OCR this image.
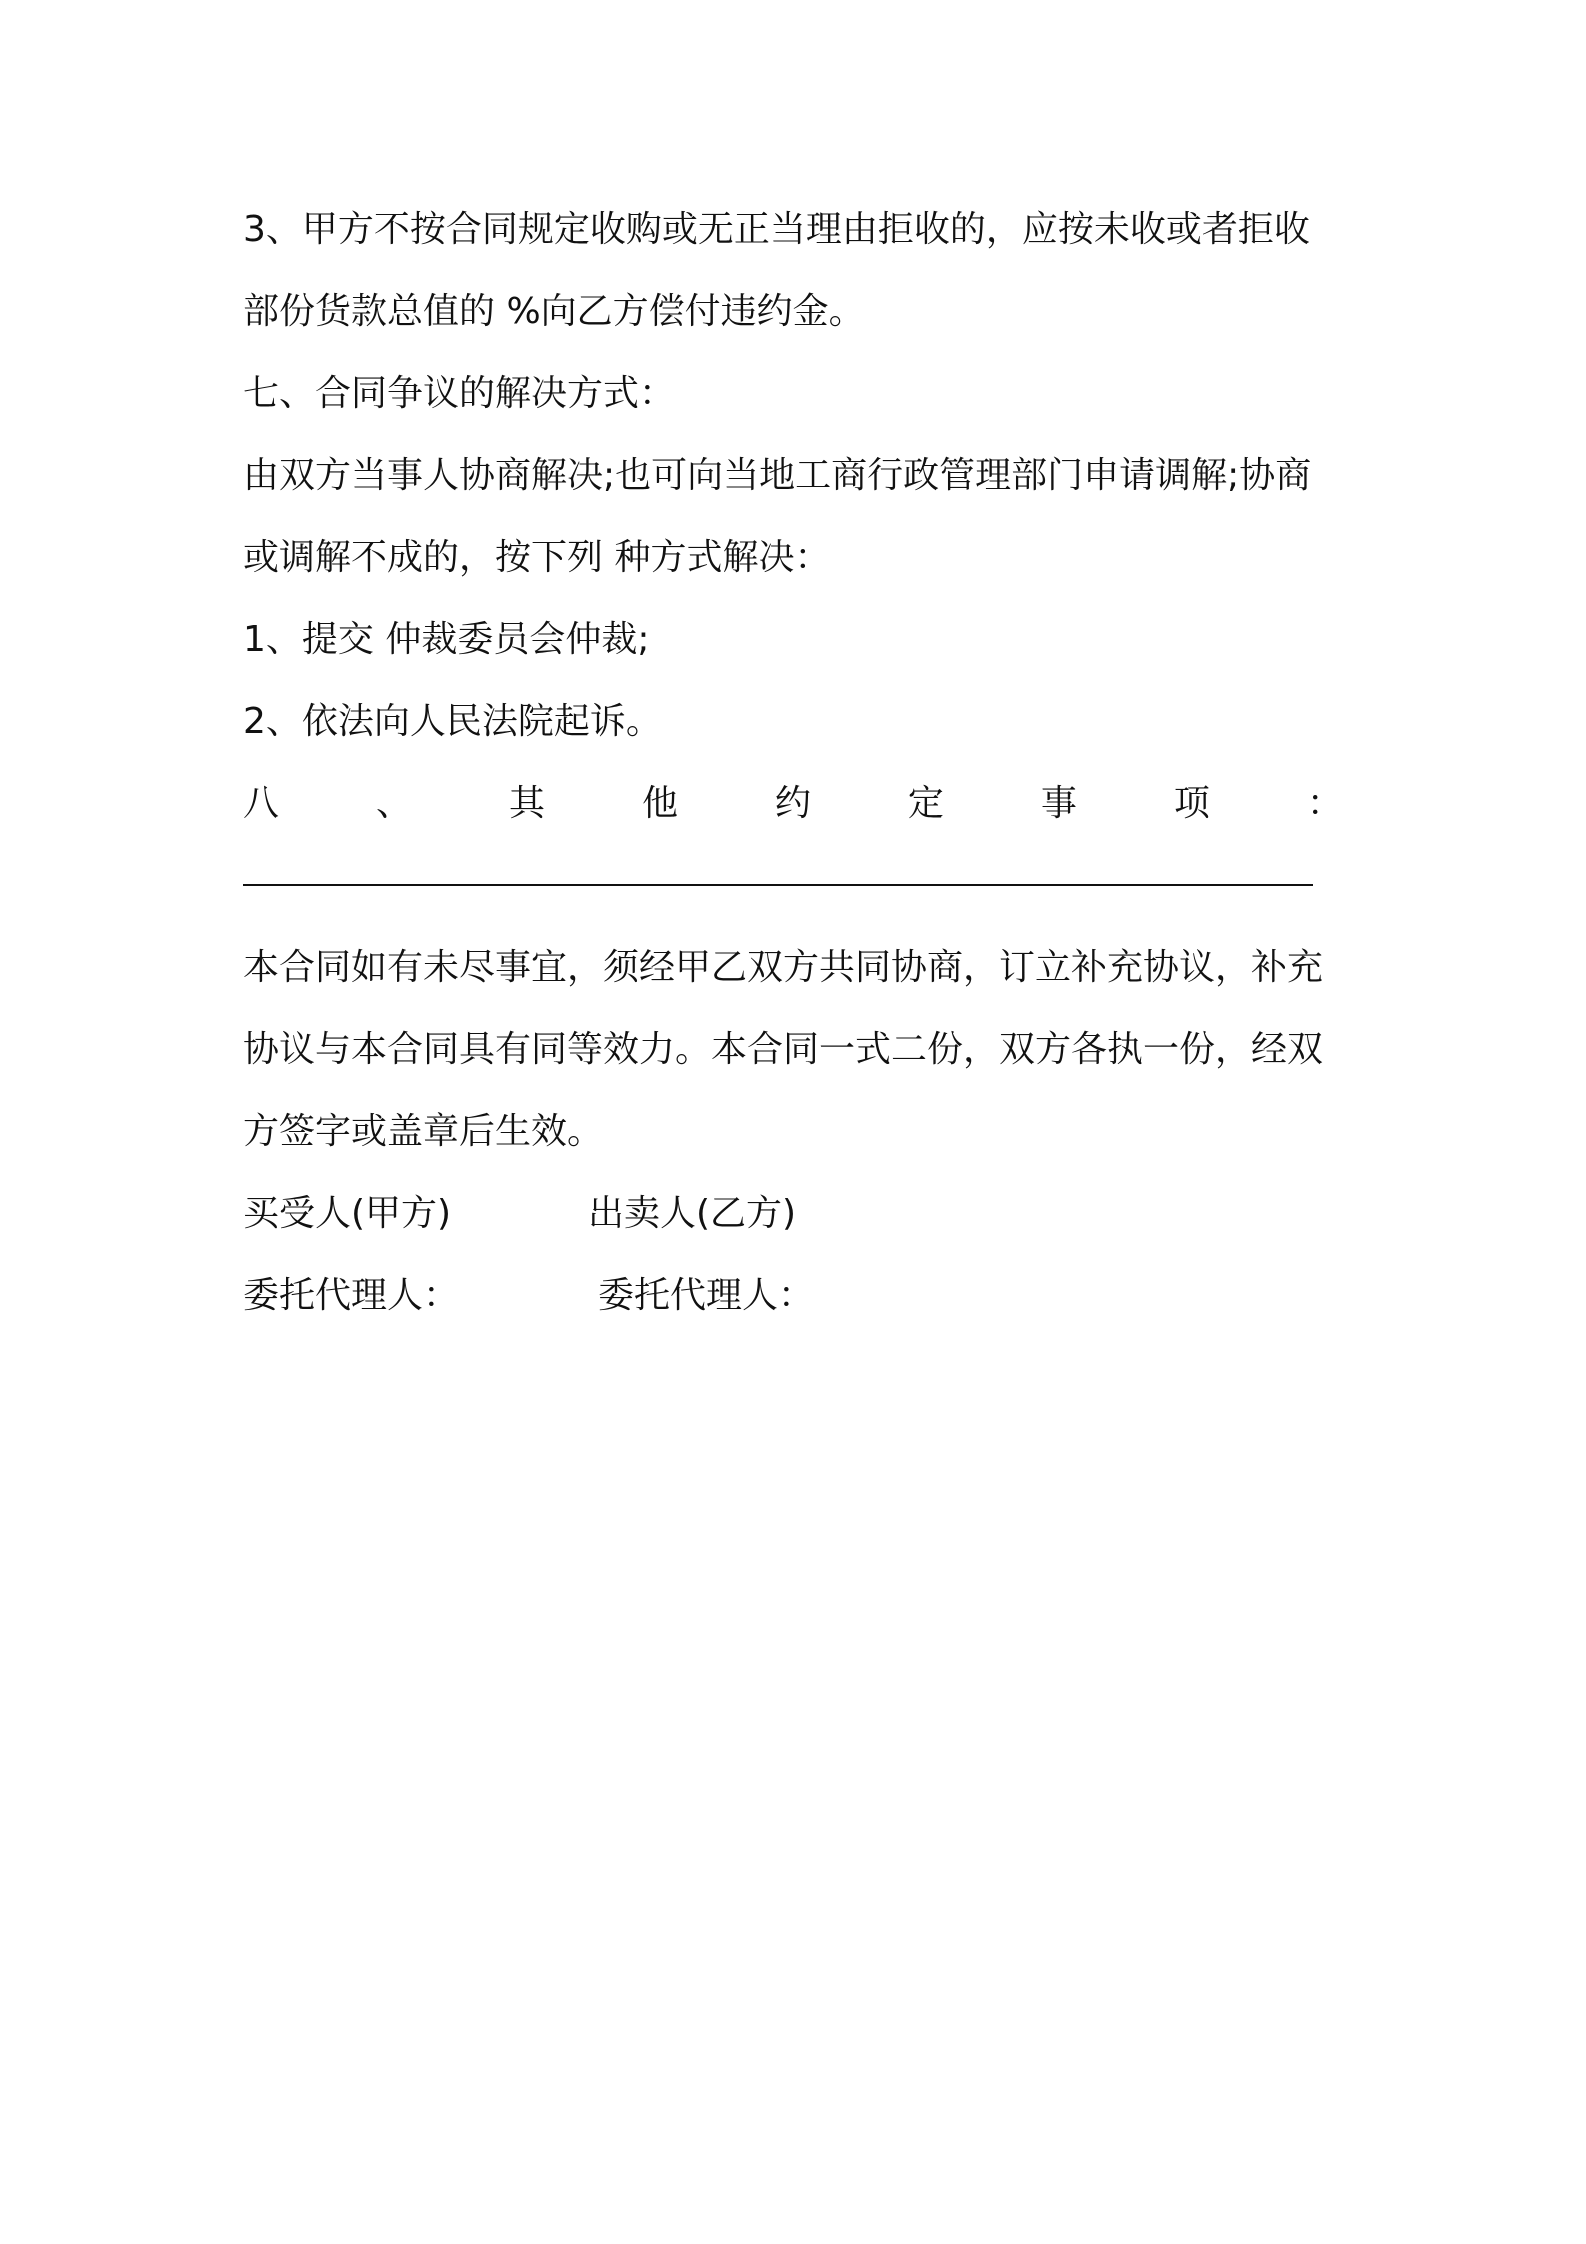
3、甲方不按合同规定收购或无正当理由拒收的，应按未收或者拒收
部份货款总值的 %向乙方偿付违约金。
七、合同争议的解决方式：
由双方当事人协商解决;也可向当地工商行政管理部门申请调解;协商
或调解不成的，按下列 种方式解决：
1、提交 仲裁委员会仲裁;
2、依法向人民法院起诉。
八	、	其	他	约	定	事	项	：
本合同如有未尽事宜，须经甲乙双方共同协商，订立补充协议，补充
协议与本合同具有同等效力。本合同一式二份，双方各执一份，经双
方签字或盖章后生效。
买受人(甲方)	出卖人(乙方)
委托代理人：	委托代理人：
